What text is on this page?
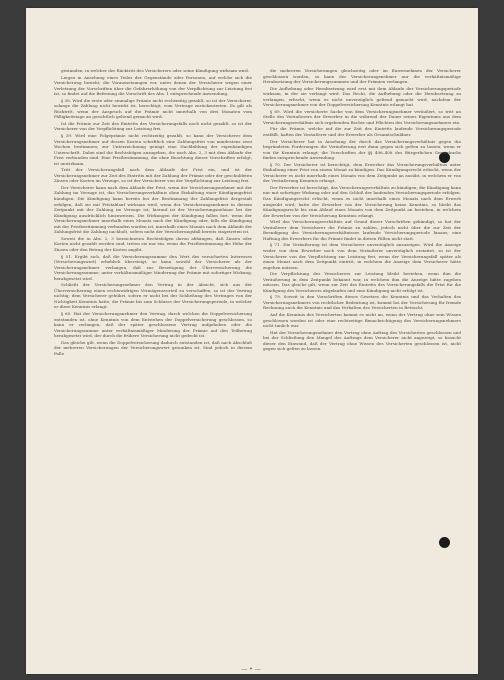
gestanden, in welcher der Rücktritt des Versicherers oder seine Kündigung wirksam wird.

Liegen in Ansehung eines Teiles der Gegenstände oder Personen, auf welche sich die Versicherung bezieht, die Voraussetzungen vor, unter denen der Versicherer wegen einer Verletzung der Vorschriften über die Gefahrerhöhung von der Verpflichtung zur Leistung frei ist, so findet auf die Befreiung die Vorschrift des Abs. 1 entsprechende Anwendung.

§ 38. Wird die erste oder einmalige Prämie nicht rechtzeitig gezahlt, so ist der Versicherer, solange die Zahlung nicht bewirkt ist, berechtigt, vom Vertrage zurückzutreten. Es gilt als Rücktritt, wenn der Anspruch auf die Prämie nicht innerhalb von drei Monaten vom Fälligkeitstage an gerichtlich geltend gemacht wird.

Ist die Prämie zur Zeit des Eintritts des Versicherungsfalls noch nicht gezahlt, so ist der Versicherer von der Verpflichtung zur Leistung frei.

§ 39. Wird eine Folgeprämie nicht rechtzeitig gezahlt, so kann der Versicherer dem Versicherungsnehmer auf dessen Kosten schriftlich eine Zahlungsfrist von mindestens zwei Wochen bestimmen; zur Unterzeichnung genügt eine Nachbildung der eigenhändigen Unterschrift. Dabei sind die Rechtsfolgen anzugeben, die nach Abs. 2, 3 mit dem Ablaufe der Frist verbunden sind. Eine Fristbestimmung, die ohne Beachtung dieser Vorschriften erfolgt, ist unwirksam.

Tritt der Versicherungsfall nach dem Ablaufe der Frist ein, und ist der Versicherungsnehmer zur Zeit des Eintritts mit der Zahlung der Prämie oder der geschuldeten Zinsen oder Kosten im Verzuge, so ist der Versicherer von der Verpflichtung zur Leistung frei.

Der Versicherer kann nach dem Ablaufe der Frist, wenn der Versicherungsnehmer mit der Zahlung im Verzuge ist, das Versicherungsverhältnis ohne Einhaltung einer Kündigungsfrist kündigen. Die Kündigung kann bereits bei der Bestimmung der Zahlungsfrist dergestalt erfolgen, daß sie mit Fristablauf wirksam wird, wenn der Versicherungsnehmer in diesem Zeitpunkt mit der Zahlung im Verzuge ist; hierauf ist der Versicherungsnehmer bei der Kündigung ausdrücklich hinzuweisen. Die Wirkungen der Kündigung fallen fort, wenn der Versicherungsnehmer innerhalb eines Monats nach der Kündigung oder, falls die Kündigung mit der Fristbestimmung verbunden worden ist, innerhalb eines Monats nach dem Ablaufe der Zahlungsfrist die Zahlung nachholt, sofern nicht der Versicherungsfall bereits eingetreten ist.

Soweit die in Abs. 2, 3 bezeichneten Rechtsfolgen davon abhängen, daß Zinsen oder Kosten nicht gezahlt worden sind, treten sie nur ein, wenn die Fristbestimmung die Höhe der Zinsen oder den Betrag der Kosten angibt.

§ 51. Ergibt sich, daß die Versicherungssumme den Wert des versicherten Interesses (Versicherungswert) erheblich übersteigt, so kann sowohl der Versicherer als der Versicherungsnehmer verlangen, daß zur Beseitigung der Überversicherung die Versicherungssumme, unter verhältnismäßiger Minderung der Prämie mit sofortiger Wirkung, herabgesetzt wird.

Schließt der Versicherungsnehmer den Vertrag in der Absicht, sich aus der Überversicherung einen rechtswidrigen Vermögensvorteil zu verschaffen, so ist der Vertrag nichtig; dem Versicherer gebührt, sofern er nicht bei der Schließung des Vertrages von der Nichtigkeit Kenntnis hatte, die Prämie bis zum Schlusse der Versicherungsperiode, in welcher er diese Kenntnis erlangt.

§ 60. Hat der Versicherungsnehmer den Vertrag, durch welchen die Doppelversicherung entstanden ist, ohne Kenntnis von dem Entstehen der Doppelversicherung geschlossen, so kann er verlangen, daß der später geschlossene Vertrag aufgehoben oder die Versicherungssumme unter verhältnismäßiger Minderung der Prämie auf den Teilbetrag herabgesetzt wird, der durch die frühere Versicherung nicht gedeckt ist.

Das gleiche gilt, wenn die Doppelversicherung dadurch entstanden ist, daß nach Abschluß der mehreren Versicherungen der Versicherungswert gesunken ist. Sind jedoch in diesem Falle

die mehreren Versicherungen gleichzeitig oder im Einvernehmen der Versicherer geschlossen worden, so kann der Versicherungsnehmer nur die verhältnismäßige Herabsetzung der Versicherungssummen und der Prämien verlangen.

Die Aufhebung oder Herabsetzung wird erst mit dem Ablaufe der Versicherungsperiode wirksam, in der sie verlangt wird. Das Recht, die Aufhebung oder die Herabsetzung zu verlangen, erlischt, wenn es nicht unverzüglich geltend gemacht wird, nachdem der Versicherungsnehmer von der Doppelversicherung Kenntnis erlangt hat.

§ 69. Wird die versicherte Sache von dem Versicherungsnehmer veräußert, so tritt an Stelle des Veräußerers der Erwerber in die während der Dauer seines Eigentums aus dem Versicherungsverhältnis sich ergebenden Rechte und Pflichten des Versicherungsnehmers ein.

Für die Prämie, welche auf die zur Zeit des Eintritts laufende Versicherungsperiode entfällt, haften der Veräußerer und der Erwerber als Gesamtschuldner.

Der Versicherer hat in Ansehung der durch das Versicherungsverhältnis gegen ihn begründeten Forderungen die Veräußerung erst dann gegen sich gelten zu lassen, wenn er von ihr Kenntnis erlangt; die Vorschriften der §§ 406–408 des Bürgerlichen Gesetzbuchs finden entsprechende Anwendung.

§ 70. Der Versicherer ist berechtigt, dem Erwerber das Versicherungsverhältnis unter Einhaltung einer Frist von einem Monat zu kündigen. Das Kündigungsrecht erlischt, wenn der Versicherer es nicht innerhalb eines Monats von dem Zeitpunkt an ausübt, in welchem er von der Veräußerung Kenntnis erlangt.

Der Erwerber ist berechtigt, das Versicherungsverhältnis zu kündigen; die Kündigung kann nur mit sofortiger Wirkung oder auf den Schluß der laufenden Versicherungsperiode erfolgen. Das Kündigungsrecht erlischt, wenn es nicht innerhalb eines Monats nach dem Erwerb ausgeübt wird; hatte der Erwerber von der Versicherung keine Kenntnis, so bleibt das Kündigungsrecht bis zum Ablauf eines Monats von dem Zeitpunkt an bestehen, in welchem der Erwerber von der Versicherung Kenntnis erlangt.

Wird das Versicherungsverhältnis auf Grund dieser Vorschriften gekündigt, so hat der Veräußerer dem Versicherer die Prämie zu zahlen, jedoch nicht über die zur Zeit der Beendigung des Versicherungsverhältnisses laufende Versicherungsperiode hinaus; eine Haftung des Erwerbers für die Prämie findet in diesen Fällen nicht statt.

§ 71. Die Veräußerung ist dem Versicherer unverzüglich anzuzeigen. Wird die Anzeige weder von dem Erwerber noch von dem Veräußerer unverzüglich erstattet, so ist der Versicherer von der Verpflichtung zur Leistung frei, wenn der Versicherungsfall später als einen Monat nach dem Zeitpunkt eintritt, in welchem die Anzeige dem Versicherer hätte zugehen müssen.

Die Verpflichtung des Versicherers zur Leistung bleibt bestehen, wenn ihm die Veräußerung in dem Zeitpunkt bekannt war, in welchem ihm die Anzeige hätte zugehen müssen. Das gleiche gilt, wenn zur Zeit des Eintritts des Versicherungsfalls die Frist für die Kündigung des Versicherers abgelaufen und eine Kündigung nicht erfolgt ist.

§ 79. Soweit in den Vorschriften dieses Gesetzes die Kenntnis und das Verhalten des Versicherungsnehmers von rechtlicher Bedeutung ist, kommt bei der Versicherung für fremde Rechnung auch die Kenntnis und das Verhalten des Versicherten in Betracht.

Auf die Kenntnis des Versicherten kommt es nicht an, wenn der Vertrag ohne sein Wissen geschlossen worden ist oder eine rechtzeitige Benachrichtigung des Versicherungsnehmers nicht tunlich war.

Hat der Versicherungsnehmer den Vertrag ohne Auftrag des Versicherten geschlossen und bei der Schließung den Mangel des Auftrags dem Versicherer nicht angezeigt, so braucht dieser den Einwand, daß der Vertrag ohne Wissen des Versicherten geschlossen ist, nicht gegen sich gelten zu lassen.

—•—
